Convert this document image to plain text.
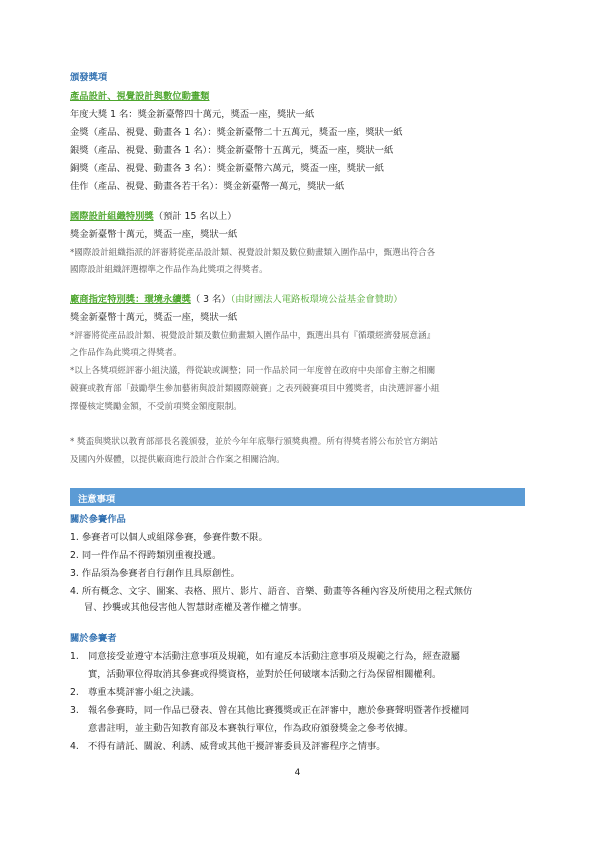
頒發獎項
產品設計、視覺設計與數位動畫類
年度大獎 1 名：獎金新臺幣四十萬元，獎盃一座，獎狀一紙
金獎（產品、視覺、動畫各 1 名）：獎金新臺幣二十五萬元，獎盃一座，獎狀一紙
銀獎（產品、視覺、動畫各 1 名）：獎金新臺幣十五萬元，獎盃一座，獎狀一紙
銅獎（產品、視覺、動畫各 3 名）：獎金新臺幣六萬元，獎盃一座，獎狀一紙
佳作（產品、視覺、動畫各若干名）：獎金新臺幣一萬元，獎狀一紙
國際設計組織特別獎（預計 15 名以上）
獎金新臺幣十萬元，獎盃一座，獎狀一紙
*國際設計組織指派的評審將從產品設計類、視覺設計類及數位動畫類入圍作品中，甄選出符合各
國際設計組織評選標準之作品作為此獎項之得獎者。
廠商指定特別獎：環境永續獎（ 3 名）（由財團法人電路板環境公益基金會贊助）
獎金新臺幣十萬元，獎盃一座，獎狀一紙
*評審將從產品設計類、視覺設計類及數位動畫類入圍作品中，甄選出具有『循環經濟發展意涵』
之作品作為此獎項之得獎者。
*以上各獎項經評審小組決議，得從缺或調整；同一作品於同一年度曾在政府中央部會主辦之相關
競賽或教育部「鼓勵學生參加藝術與設計類國際競賽」之表列競賽項目中獲獎者，由決選評審小組
擇優核定獎勵金額，不受前項獎金額度限制。
* 獎盃與獎狀以教育部部長名義頒發，並於今年年底舉行頒獎典禮。所有得獎者將公布於官方網站
及國內外媒體，以提供廠商進行設計合作案之相關洽詢。
注意事項
關於參賽作品
1. 參賽者可以個人或組隊參賽，參賽件數不限。
2. 同一件作品不得跨類別重複投遞。
3. 作品須為參賽者自行創作且具原創性。
4. 所有概念、文字、圖案、表格、照片、影片、語音、音樂、動畫等各種內容及所使用之程式無仿
冒、抄襲或其他侵害他人智慧財產權及著作權之情事。
關於參賽者
1. 同意接受並遵守本活動注意事項及規範，如有違反本活動注意事項及規範之行為，經查證屬
實，活動單位得取消其參賽或得獎資格，並對於任何破壞本活動之行為保留相關權利。
2. 尊重本獎評審小組之決議。
3. 報名參賽時，同一作品已發表、曾在其他比賽獲獎或正在評審中，應於參賽聲明暨著作授權同
意書註明，並主動告知教育部及本賽執行單位，作為政府頒發獎金之參考依據。
4. 不得有請託、關說、利誘、威脅或其他干擾評審委員及評審程序之情事。
4
